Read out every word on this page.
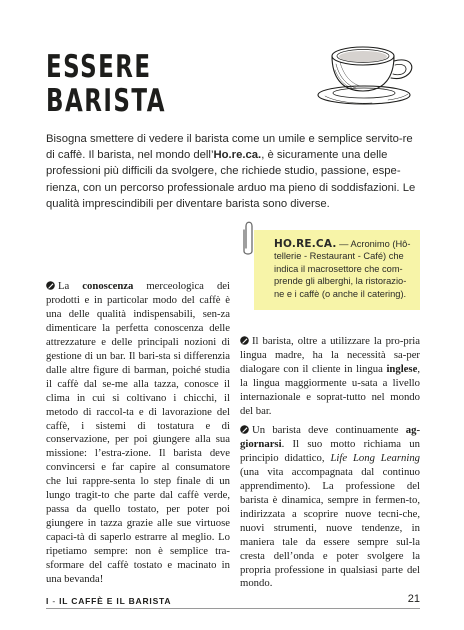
ESSERE
BARISTA

Bisogna smettere di vedere il barista come un umile e semplice servito-re di caffè. Il barista, nel mondo dell’Ho.re.ca., è sicuramente una delle professioni più difficili da svolgere, che richiede studio, passione, espe-rienza, con un percorso professionale arduo ma pieno di soddisfazioni. Le qualità imprescindibili per diventare barista sono diverse.

HO.RE.CA. — Acronimo (Hô-tellerie - Restaurant - Café) che indica il macrosettore che com-prende gli alberghi, la ristorazio-ne e i caffè (o anche il catering).

La conoscenza merceologica dei prodotti e in particolar modo del caffè è una delle qualità indispensabili, sen-za dimenticare la perfetta conoscenza delle attrezzature e delle principali nozioni di gestione di un bar. Il bari-sta si differenzia dalle altre figure di barman, poiché studia il caffè dal se-me alla tazza, conosce il clima in cui si coltivano i chicchi, il metodo di raccol-ta e di lavorazione del caffè, i sistemi di tostatura e di conservazione, per poi giungere alla sua missione: l’estra-zione. Il barista deve convincersi e far capire al consumatore che lui rappre-senta lo step finale di un lungo tragit-to che parte dal caffè verde, passa da quello tostato, per poter poi giungere in tazza grazie alle sue virtuose capaci-tà di saperlo estrarre al meglio. Lo ripetiamo sempre: non è semplice tra-sformare del caffè tostato e macinato in una bevanda!

Il barista, oltre a utilizzare la pro-pria lingua madre, ha la necessità sa-per dialogare con il cliente in lingua inglese, la lingua maggiormente u-sata a livello internazionale e soprat-tutto nel mondo del bar.

Un barista deve continuamente ag-giornarsi. Il suo motto richiama un principio didattico, Life Long Learning (una vita accompagnata dal continuo apprendimento). La professione del barista è dinamica, sempre in fermen-to, indirizzata a scoprire nuove tecni-che, nuovi strumenti, nuove tendenze, in maniera tale da essere sempre sul-la cresta dell’onda e poter svolgere la propria professione in qualsiasi parte del mondo.

I - IL CAFFÈ E IL BARISTA	21
